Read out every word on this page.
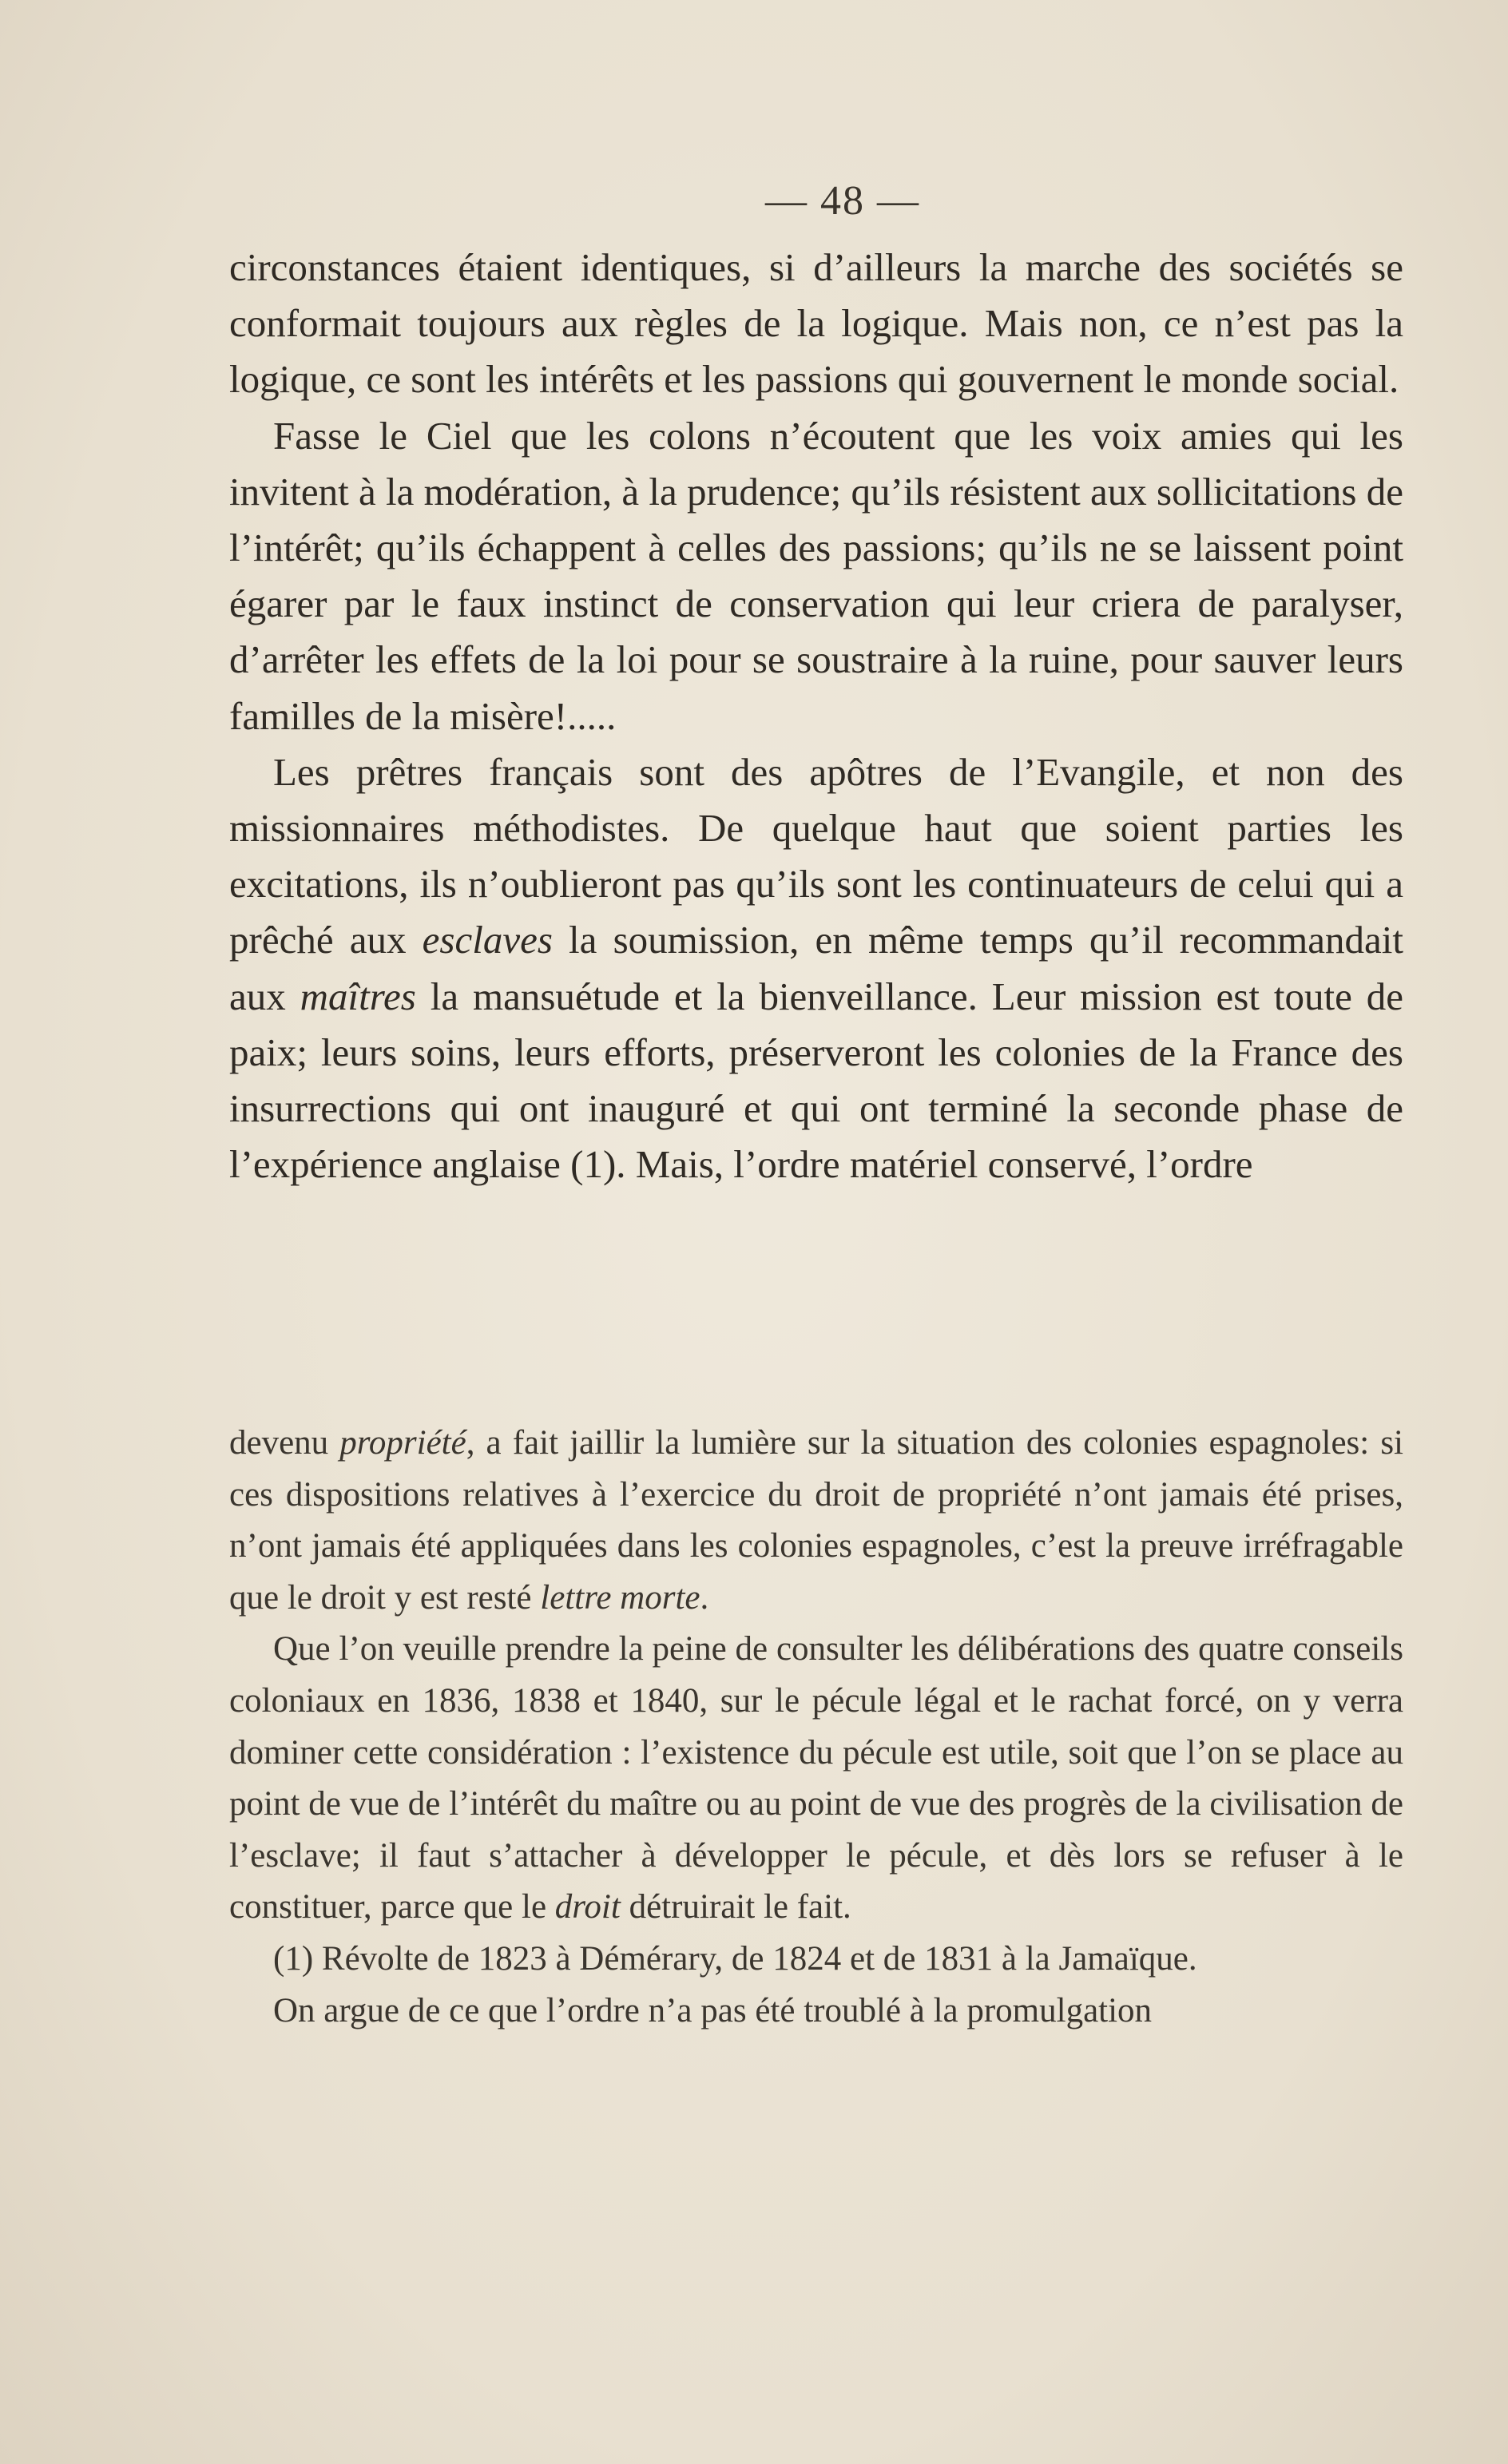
— 48 —

circonstances étaient identiques, si d’ailleurs la marche des sociétés se conformait toujours aux règles de la logique. Mais non, ce n’est pas la logique, ce sont les intérêts et les passions qui gouvernent le monde social.

Fasse le Ciel que les colons n’écoutent que les voix amies qui les invitent à la modération, à la prudence; qu’ils résistent aux sollicitations de l’intérêt; qu’ils échappent à celles des passions; qu’ils ne se laissent point égarer par le faux instinct de conservation qui leur criera de paralyser, d’arrêter les effets de la loi pour se soustraire à la ruine, pour sauver leurs familles de la misère!.....

Les prêtres français sont des apôtres de l’Evangile, et non des missionnaires méthodistes. De quelque haut que soient parties les excitations, ils n’oublieront pas qu’ils sont les continuateurs de celui qui a prêché aux esclaves la soumission, en même temps qu’il recommandait aux maîtres la mansuétude et la bienveillance. Leur mission est toute de paix; leurs soins, leurs efforts, préserveront les colonies de la France des insurrections qui ont inauguré et qui ont terminé la seconde phase de l’expérience anglaise (1). Mais, l’ordre matériel conservé, l’ordre

devenu propriété, a fait jaillir la lumière sur la situation des colonies espagnoles: si ces dispositions relatives à l’exercice du droit de propriété n’ont jamais été prises, n’ont jamais été appliquées dans les colonies espagnoles, c’est la preuve irréfragable que le droit y est resté lettre morte.

Que l’on veuille prendre la peine de consulter les délibérations des quatre conseils coloniaux en 1836, 1838 et 1840, sur le pécule légal et le rachat forcé, on y verra dominer cette considération : l’existence du pécule est utile, soit que l’on se place au point de vue de l’intérêt du maître ou au point de vue des progrès de la civilisation de l’esclave; il faut s’attacher à développer le pécule, et dès lors se refuser à le constituer, parce que le droit détruirait le fait.

(1) Révolte de 1823 à Démérary, de 1824 et de 1831 à la Jamaïque.

On argue de ce que l’ordre n’a pas été troublé à la promulgation
